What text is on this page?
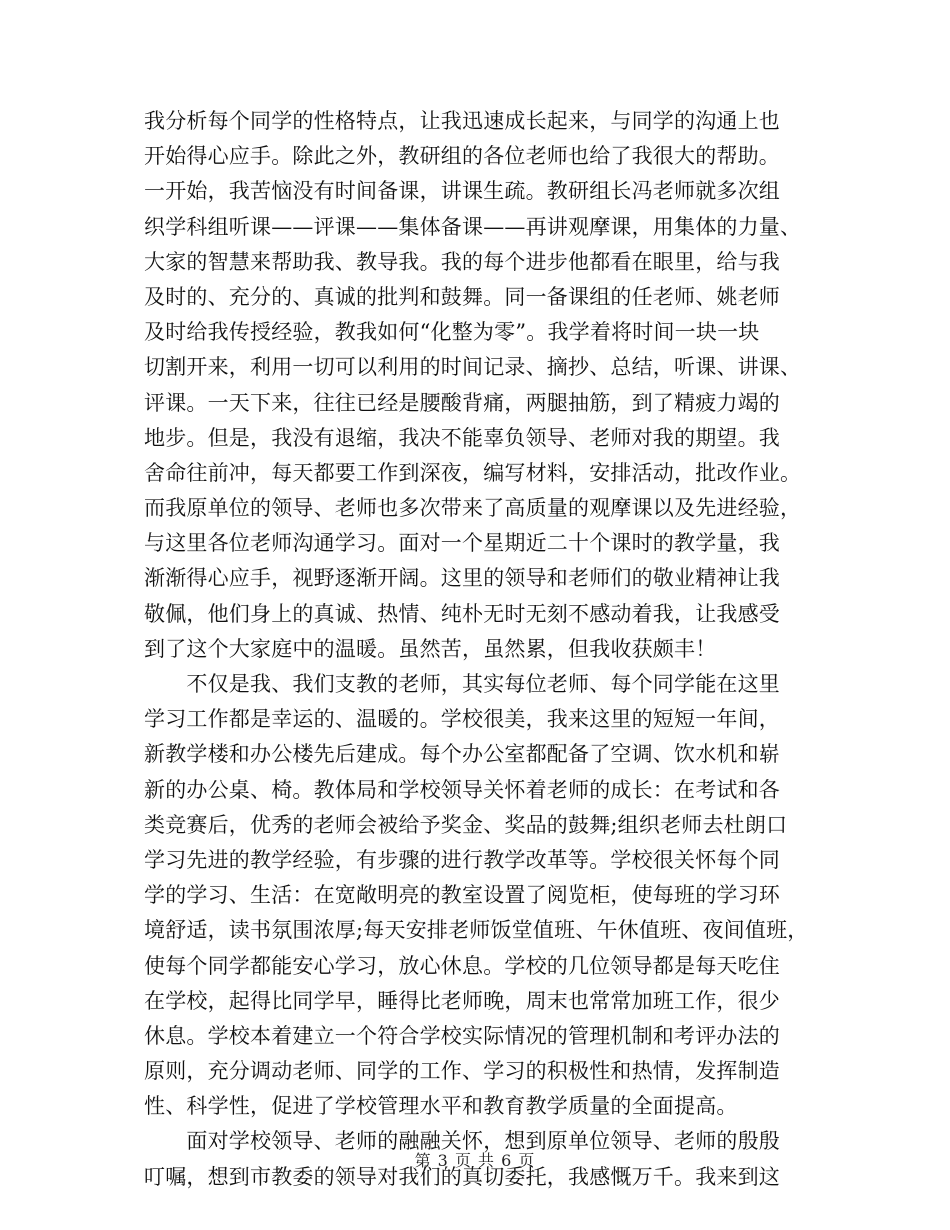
我分析每个同学的性格特点，让我迅速成长起来，与同学的沟通上也
开始得心应手。除此之外，教研组的各位老师也给了我很大的帮助。
一开始，我苦恼没有时间备课，讲课生疏。教研组长冯老师就多次组
织学科组听课——评课——集体备课——再讲观摩课，用集体的力量、
大家的智慧来帮助我、教导我。我的每个进步他都看在眼里，给与我
及时的、充分的、真诚的批判和鼓舞。同一备课组的任老师、姚老师
及时给我传授经验，教我如何“化整为零”。我学着将时间一块一块
切割开来，利用一切可以利用的时间记录、摘抄、总结，听课、讲课、
评课。一天下来，往往已经是腰酸背痛，两腿抽筋，到了精疲力竭的
地步。但是，我没有退缩，我决不能辜负领导、老师对我的期望。我
舍命往前冲，每天都要工作到深夜，编写材料，安排活动，批改作业。
而我原单位的领导、老师也多次带来了高质量的观摩课以及先进经验，
与这里各位老师沟通学习。面对一个星期近二十个课时的教学量，我
渐渐得心应手，视野逐渐开阔。这里的领导和老师们的敬业精神让我
敬佩，他们身上的真诚、热情、纯朴无时无刻不感动着我，让我感受
到了这个大家庭中的温暖。虽然苦，虽然累，但我收获颇丰！
　　不仅是我、我们支教的老师，其实每位老师、每个同学能在这里
学习工作都是幸运的、温暖的。学校很美，我来这里的短短一年间，
新教学楼和办公楼先后建成。每个办公室都配备了空调、饮水机和崭
新的办公桌、椅。教体局和学校领导关怀着老师的成长：在考试和各
类竞赛后，优秀的老师会被给予奖金、奖品的鼓舞;组织老师去杜朗口
学习先进的教学经验，有步骤的进行教学改革等。学校很关怀每个同
学的学习、生活：在宽敞明亮的教室设置了阅览柜，使每班的学习环
境舒适，读书氛围浓厚;每天安排老师饭堂值班、午休值班、夜间值班，
使每个同学都能安心学习，放心休息。学校的几位领导都是每天吃住
在学校，起得比同学早，睡得比老师晚，周末也常常加班工作，很少
休息。学校本着建立一个符合学校实际情况的管理机制和考评办法的
原则，充分调动老师、同学的工作、学习的积极性和热情，发挥制造
性、科学性，促进了学校管理水平和教育教学质量的全面提高。
　　面对学校领导、老师的融融关怀，想到原单位领导、老师的殷殷
叮嘱，想到市教委的领导对我们的真切委托，我感慨万千。我来到这
第 3 页 共 6 页
